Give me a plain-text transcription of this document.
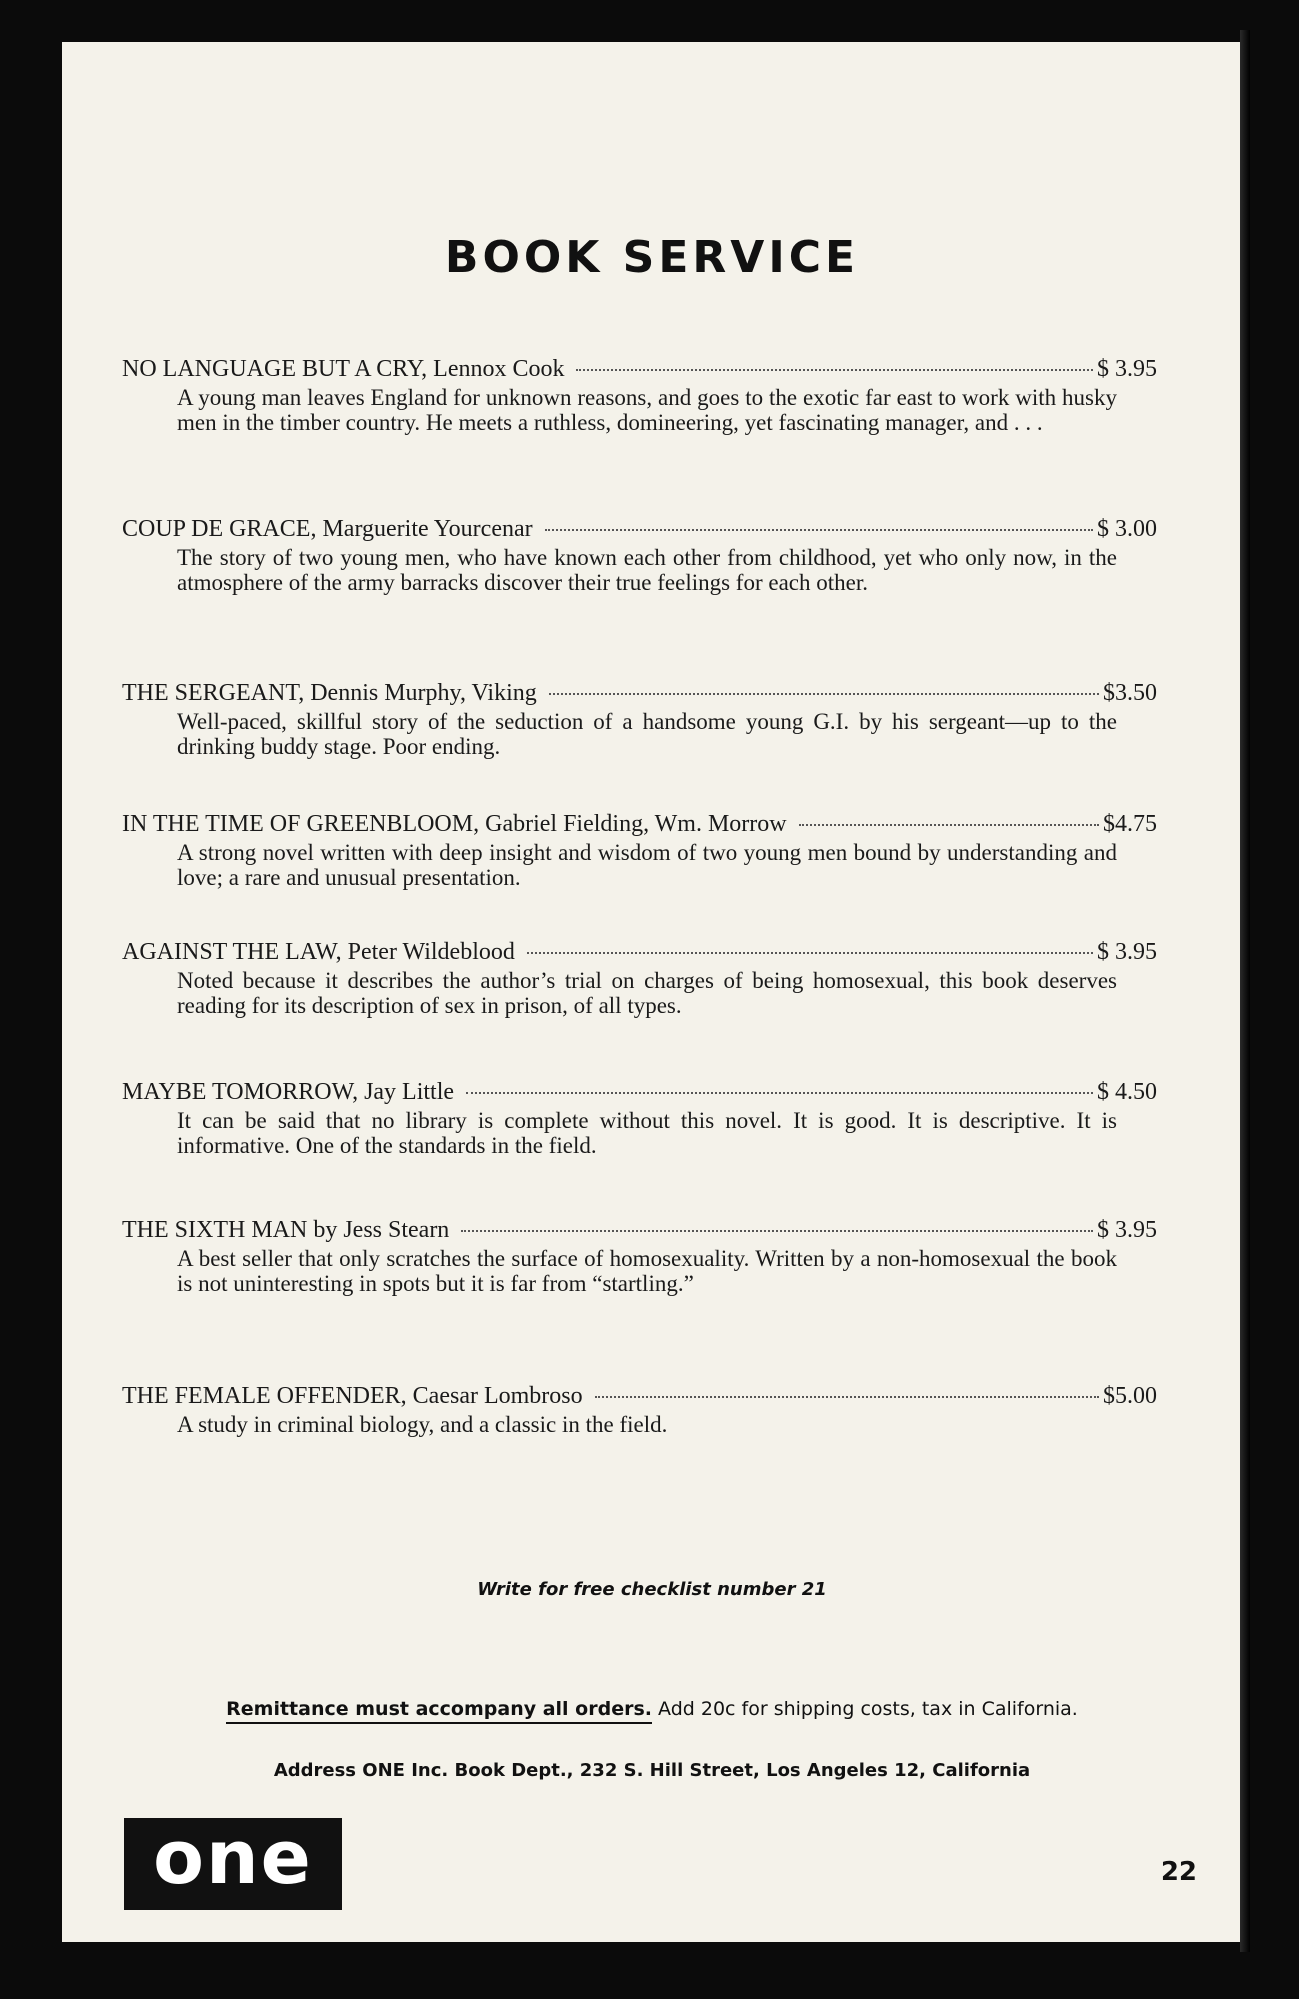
BOOK SERVICE
NO LANGUAGE BUT A CRY, Lennox Cook	$ 3.95
A young man leaves England for unknown reasons, and goes to the exotic far east to work with husky men in the timber country. He meets a ruthless, domineering, yet fascinating manager, and . . .
COUP DE GRACE, Marguerite Yourcenar	$ 3.00
The story of two young men, who have known each other from childhood, yet who only now, in the atmosphere of the army barracks discover their true feelings for each other.
THE SERGEANT, Dennis Murphy, Viking	$3.50
Well-paced, skillful story of the seduction of a handsome young G.I. by his sergeant—up to the drinking buddy stage. Poor ending.
IN THE TIME OF GREENBLOOM, Gabriel Fielding, Wm. Morrow	$4.75
A strong novel written with deep insight and wisdom of two young men bound by understanding and love; a rare and unusual presentation.
AGAINST THE LAW, Peter Wildeblood	$ 3.95
Noted because it describes the author’s trial on charges of being homosexual, this book deserves reading for its description of sex in prison, of all types.
MAYBE TOMORROW, Jay Little	$ 4.50
It can be said that no library is complete without this novel. It is good. It is descriptive. It is informative. One of the standards in the field.
THE SIXTH MAN by Jess Stearn	$ 3.95
A best seller that only scratches the surface of homosexuality. Written by a non-homosexual the book is not uninteresting in spots but it is far from “startling.”
THE FEMALE OFFENDER, Caesar Lombroso	$5.00
A study in criminal biology, and a classic in the field.
Write for free checklist number 21
Remittance must accompany all orders. Add 20c for shipping costs, tax in California.
Address ONE Inc. Book Dept., 232 S. Hill Street, Los Angeles 12, California
one	22
